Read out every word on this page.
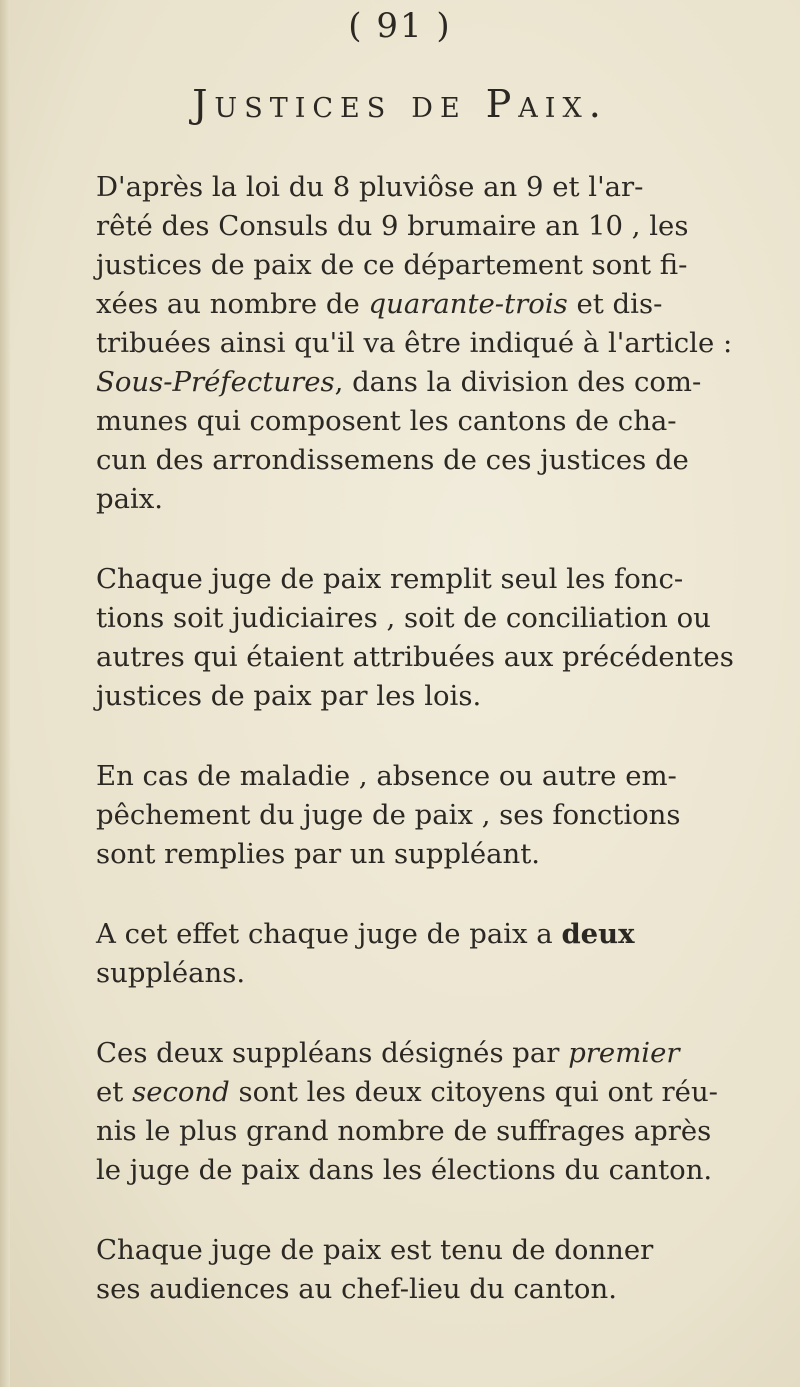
( 91 )
Justices de Paix.
D'après la loi du 8 pluviôse an 9 et l'ar-
rêté des Consuls du 9 brumaire an 10 , les
justices de paix de ce département sont fi-
xées au nombre de quarante-trois et dis-
tribuées ainsi qu'il va être indiqué à l'article :
Sous-Préfectures, dans la division des com-
munes qui composent les cantons de cha-
cun des arrondissemens de ces justices de
paix.
Chaque juge de paix remplit seul les fonc-
tions soit judiciaires , soit de conciliation ou
autres qui étaient attribuées aux précédentes
justices de paix par les lois.
En cas de maladie , absence ou autre em-
pêchement du juge de paix , ses fonctions
sont remplies par un suppléant.
A cet effet chaque juge de paix a deux
suppléans.
Ces deux suppléans désignés par premier
et second sont les deux citoyens qui ont réu-
nis le plus grand nombre de suffrages après
le juge de paix dans les élections du canton.
Chaque juge de paix est tenu de donner
ses audiences au chef-lieu du canton.
